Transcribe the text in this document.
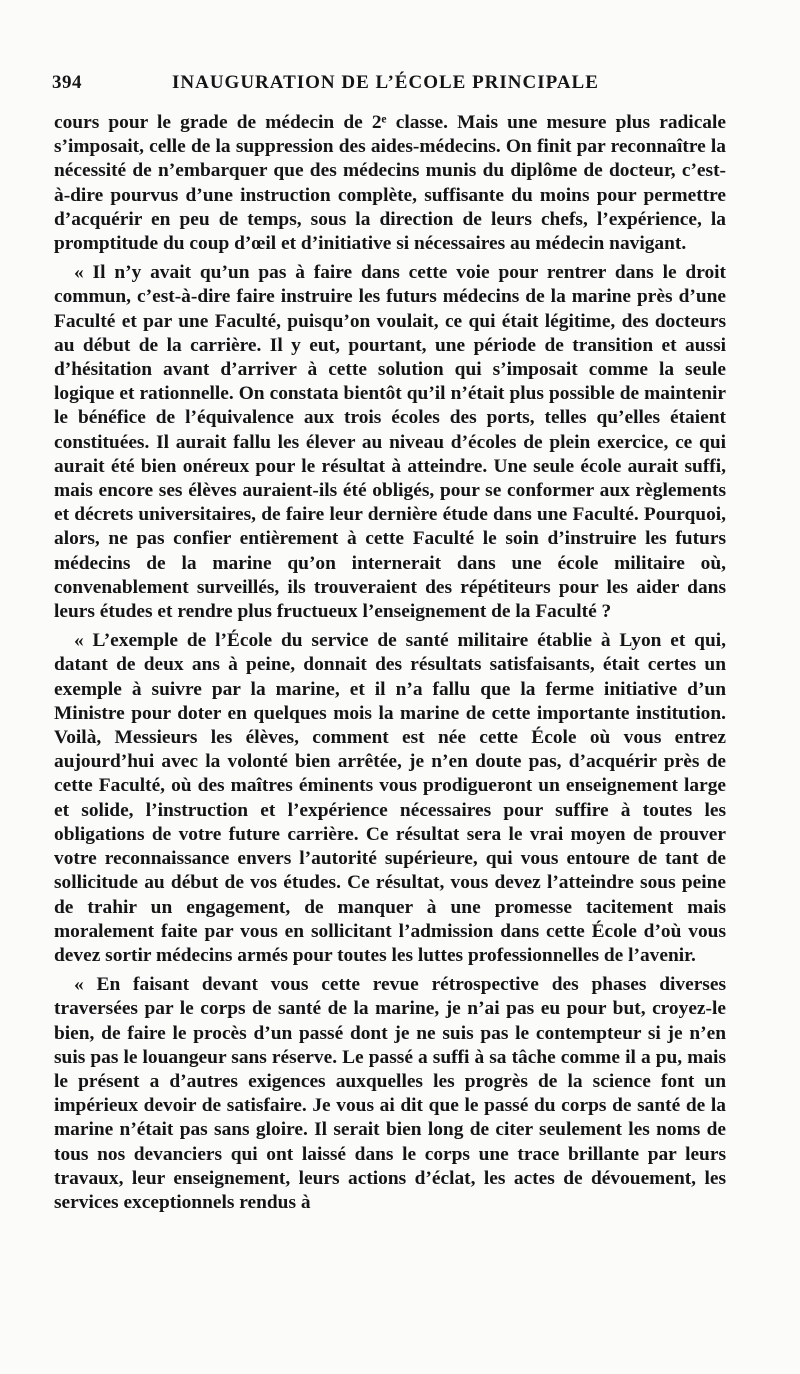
394	INAUGURATION DE L’ÉCOLE PRINCIPALE

cours pour le grade de médecin de 2ᵉ classe. Mais une mesure plus radicale s’imposait, celle de la suppression des aides-médecins. On finit par reconnaître la nécessité de n’embarquer que des médecins munis du diplôme de docteur, c’est-à-dire pourvus d’une instruction complète, suffisante du moins pour permettre d’acquérir en peu de temps, sous la direction de leurs chefs, l’expérience, la promptitude du coup d’œil et d’initiative si nécessaires au médecin navigant.

« Il n’y avait qu’un pas à faire dans cette voie pour rentrer dans le droit commun, c’est-à-dire faire instruire les futurs médecins de la marine près d’une Faculté et par une Faculté, puisqu’on voulait, ce qui était légitime, des docteurs au début de la carrière. Il y eut, pourtant, une période de transition et aussi d’hésitation avant d’arriver à cette solution qui s’imposait comme la seule logique et rationnelle. On constata bientôt qu’il n’était plus possible de maintenir le bénéfice de l’équivalence aux trois écoles des ports, telles qu’elles étaient constituées. Il aurait fallu les élever au niveau d’écoles de plein exercice, ce qui aurait été bien onéreux pour le résultat à atteindre. Une seule école aurait suffi, mais encore ses élèves auraient-ils été obligés, pour se conformer aux règlements et décrets universitaires, de faire leur dernière étude dans une Faculté. Pourquoi, alors, ne pas confier entièrement à cette Faculté le soin d’instruire les futurs médecins de la marine qu’on internerait dans une école militaire où, convenablement surveillés, ils trouveraient des répétiteurs pour les aider dans leurs études et rendre plus fructueux l’enseignement de la Faculté ?

« L’exemple de l’École du service de santé militaire établie à Lyon et qui, datant de deux ans à peine, donnait des résultats satisfaisants, était certes un exemple à suivre par la marine, et il n’a fallu que la ferme initiative d’un Ministre pour doter en quelques mois la marine de cette importante institution. Voilà, Messieurs les élèves, comment est née cette École où vous entrez aujourd’hui avec la volonté bien arrêtée, je n’en doute pas, d’acquérir près de cette Faculté, où des maîtres éminents vous prodigueront un enseignement large et solide, l’instruction et l’expérience nécessaires pour suffire à toutes les obligations de votre future carrière. Ce résultat sera le vrai moyen de prouver votre reconnaissance envers l’autorité supérieure, qui vous entoure de tant de sollicitude au début de vos études. Ce résultat, vous devez l’atteindre sous peine de trahir un engagement, de manquer à une promesse tacitement mais moralement faite par vous en sollicitant l’admission dans cette École d’où vous devez sortir médecins armés pour toutes les luttes professionnelles de l’avenir.

« En faisant devant vous cette revue rétrospective des phases diverses traversées par le corps de santé de la marine, je n’ai pas eu pour but, croyez-le bien, de faire le procès d’un passé dont je ne suis pas le contempteur si je n’en suis pas le louangeur sans réserve. Le passé a suffi à sa tâche comme il a pu, mais le présent a d’autres exigences auxquelles les progrès de la science font un impérieux devoir de satisfaire. Je vous ai dit que le passé du corps de santé de la marine n’était pas sans gloire. Il serait bien long de citer seulement les noms de tous nos devanciers qui ont laissé dans le corps une trace brillante par leurs travaux, leur enseignement, leurs actions d’éclat, les actes de dévouement, les services exceptionnels rendus à
